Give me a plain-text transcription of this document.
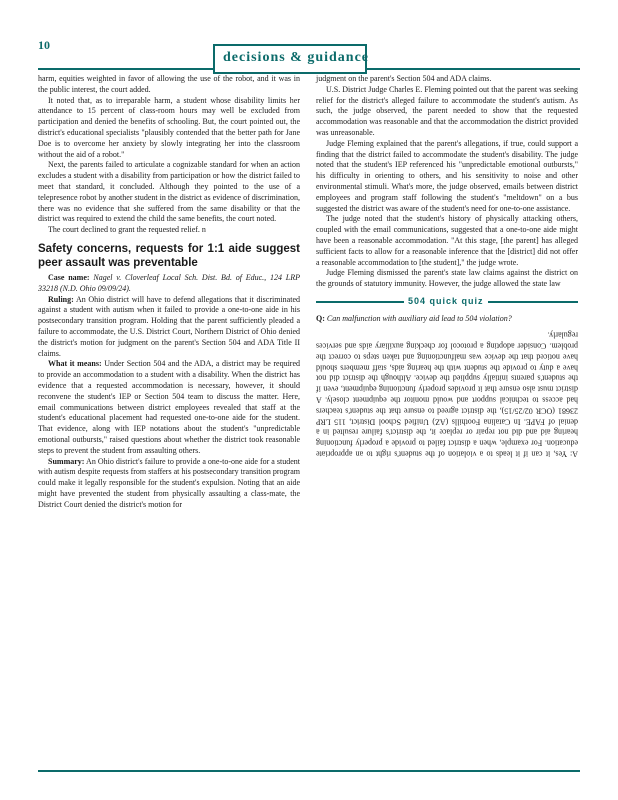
10
decisions & guidance

harm, equities weighted in favor of allowing the use of the robot, and it was in the public interest, the court added.

It noted that, as to irreparable harm, a student whose disability limits her attendance to 15 percent of class-room hours may well be excluded from participation and denied the benefits of schooling. But, the court pointed out, the district's educational specialists "plausibly contended that the better path for Jane Doe is to overcome her anxiety by slowly integrating her into the classroom without the aid of a robot."

Next, the parents failed to articulate a cognizable standard for when an action excludes a student with a disability from participation or how the district failed to meet that standard, it concluded. Although they pointed to the use of a telepresence robot by another student in the district as evidence of discrimination, there was no evidence that she suffered from the same disability or that the district was required to extend the child the same benefits, the court noted.

The court declined to grant the requested relief. n

Safety concerns, requests for 1:1 aide suggest peer assault was preventable

Case name: Nagel v. Cloverleaf Local Sch. Dist. Bd. of Educ., 124 LRP 33218 (N.D. Ohio 09/09/24).

Ruling: An Ohio district will have to defend allegations that it discriminated against a student with autism when it failed to provide a one-to-one aide in his postsecondary transition program. Holding that the parent sufficiently pleaded a failure to accommodate, the U.S. District Court, Northern District of Ohio denied the district's motion for judgment on the parent's Section 504 and ADA Title II claims.

What it means: Under Section 504 and the ADA, a district may be required to provide an accommodation to a student with a disability. When the district has evidence that a requested accommodation is necessary, however, it should reconvene the student's IEP or Section 504 team to discuss the matter. Here, email communications between district employees revealed that staff at the student's educational placement had requested one-to-one aide for the student. That evidence, along with IEP notations about the student's "unpredictable emotional outbursts," raised questions about whether the district took reasonable steps to prevent the student from assaulting others.

Summary: An Ohio district's failure to provide a one-to-one aide for a student with autism despite requests from staffers at his postsecondary transition program could make it legally responsible for the student's expulsion. Noting that an aide might have prevented the student from physically assaulting a class-mate, the District Court denied the district's motion for

judgment on the parent's Section 504 and ADA claims.

U.S. District Judge Charles E. Fleming pointed out that the parent was seeking relief for the district's alleged failure to accommodate the student's autism. As such, the judge observed, the parent needed to show that the requested accommodation was reasonable and that the accommodation the district provided was unreasonable.

Judge Fleming explained that the parent's allegations, if true, could support a finding that the district failed to accommodate the student's disability. The judge noted that the student's IEP referenced his "unpredictable emotional outbursts," his difficulty in orienting to others, and his sensitivity to noise and other environmental stimuli. What's more, the judge observed, emails between district employees and program staff following the student's "meltdown" on a bus suggested the district was aware of the student's need for one-to-one assistance.

The judge noted that the student's history of physically attacking others, coupled with the email communications, suggested that a one-to-one aide might have been a reasonable accommodation. "At this stage, [the parent] has alleged sufficient facts to allow for a reasonable inference that the [district] did not offer a reasonable accommodation to [the student]," the judge wrote.

Judge Fleming dismissed the parent's state law claims against the district on the grounds of statutory immunity. However, the judge allowed the state law

504 quick quiz
Q: Can malfunction with auxiliary aid lead to 504 violation?
A: Yes, it can if it leads to a violation of the student's right to an appropriate education. For example, when a district failed to provide a properly functioning hearing aid and did not repair or replace it, the district's failure resulted in a denial of FAPE. In Catalina Foothills (AZ) Unified School District, 115 LRP 23681 (OCR 02/25/15), the district agreed to ensure that the student's teachers had access to technical support and would monitor the equipment closely. A district must also ensure that it provides properly functioning equipment, even if the student's parents initially supplied the device. Although the district did not have a duty to provide the student with the hearing aids, staff members should have noticed that the device was malfunctioning and taken steps to correct the problem. Consider adopting a protocol for checking auxiliary aids and services regularly.
